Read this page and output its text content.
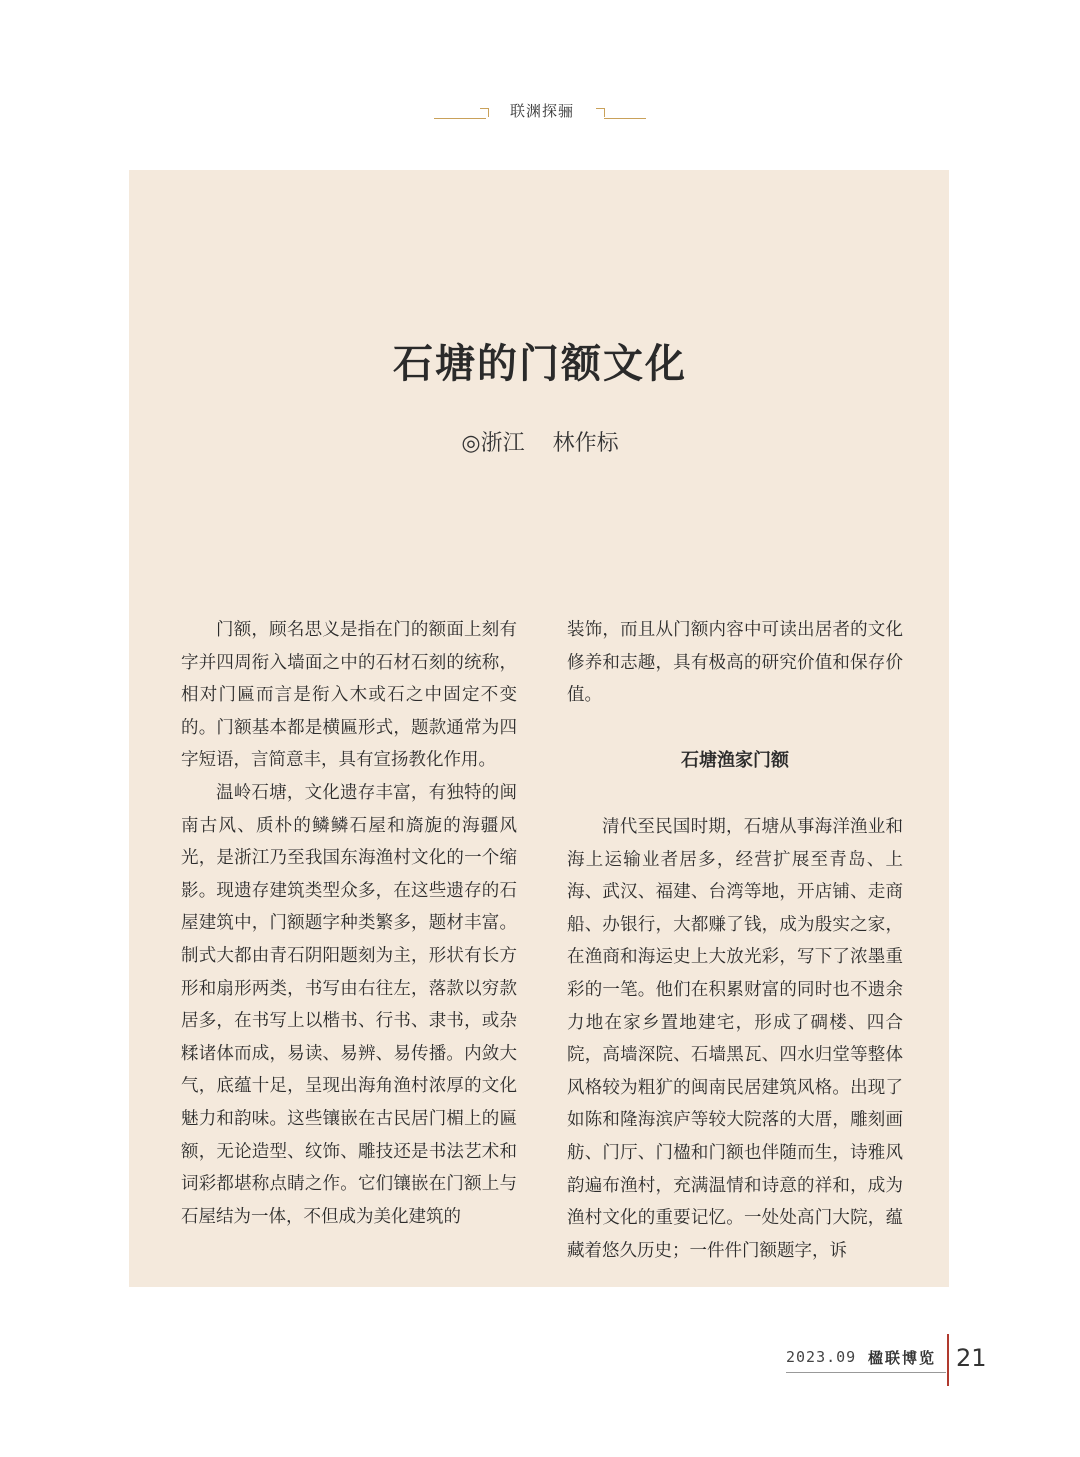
联渊探骊
石塘的门额文化
◎浙江 林作标

门额，顾名思义是指在门的额面上刻有字并四周衔入墙面之中的石材石刻的统称，相对门匾而言是衔入木或石之中固定不变的。门额基本都是横匾形式，题款通常为四字短语，言简意丰，具有宣扬教化作用。

温岭石塘，文化遗存丰富，有独特的闽南古风、质朴的鳞鳞石屋和旖旎的海疆风光，是浙江乃至我国东海渔村文化的一个缩影。现遗存建筑类型众多，在这些遗存的石屋建筑中，门额题字种类繁多，题材丰富。制式大都由青石阴阳题刻为主，形状有长方形和扇形两类，书写由右往左，落款以穷款居多，在书写上以楷书、行书、隶书，或杂糅诸体而成，易读、易辨、易传播。内敛大气，底蕴十足，呈现出海角渔村浓厚的文化魅力和韵味。这些镶嵌在古民居门楣上的匾额，无论造型、纹饰、雕技还是书法艺术和词彩都堪称点睛之作。它们镶嵌在门额上与石屋结为一体，不但成为美化建筑的

装饰，而且从门额内容中可读出居者的文化修养和志趣，具有极高的研究价值和保存价值。

石塘渔家门额

清代至民国时期，石塘从事海洋渔业和海上运输业者居多，经营扩展至青岛、上海、武汉、福建、台湾等地，开店铺、走商船、办银行，大都赚了钱，成为殷实之家，在渔商和海运史上大放光彩，写下了浓墨重彩的一笔。他们在积累财富的同时也不遗余力地在家乡置地建宅，形成了碉楼、四合院，高墙深院、石墙黑瓦、四水归堂等整体风格较为粗犷的闽南民居建筑风格。出现了如陈和隆海滨庐等较大院落的大厝，雕刻画舫、门厅、门楹和门额也伴随而生，诗雅风韵遍布渔村，充满温情和诗意的祥和，成为渔村文化的重要记忆。一处处高门大院，蕴藏着悠久历史；一件件门额题字，诉

2023.09 楹联博览 21
